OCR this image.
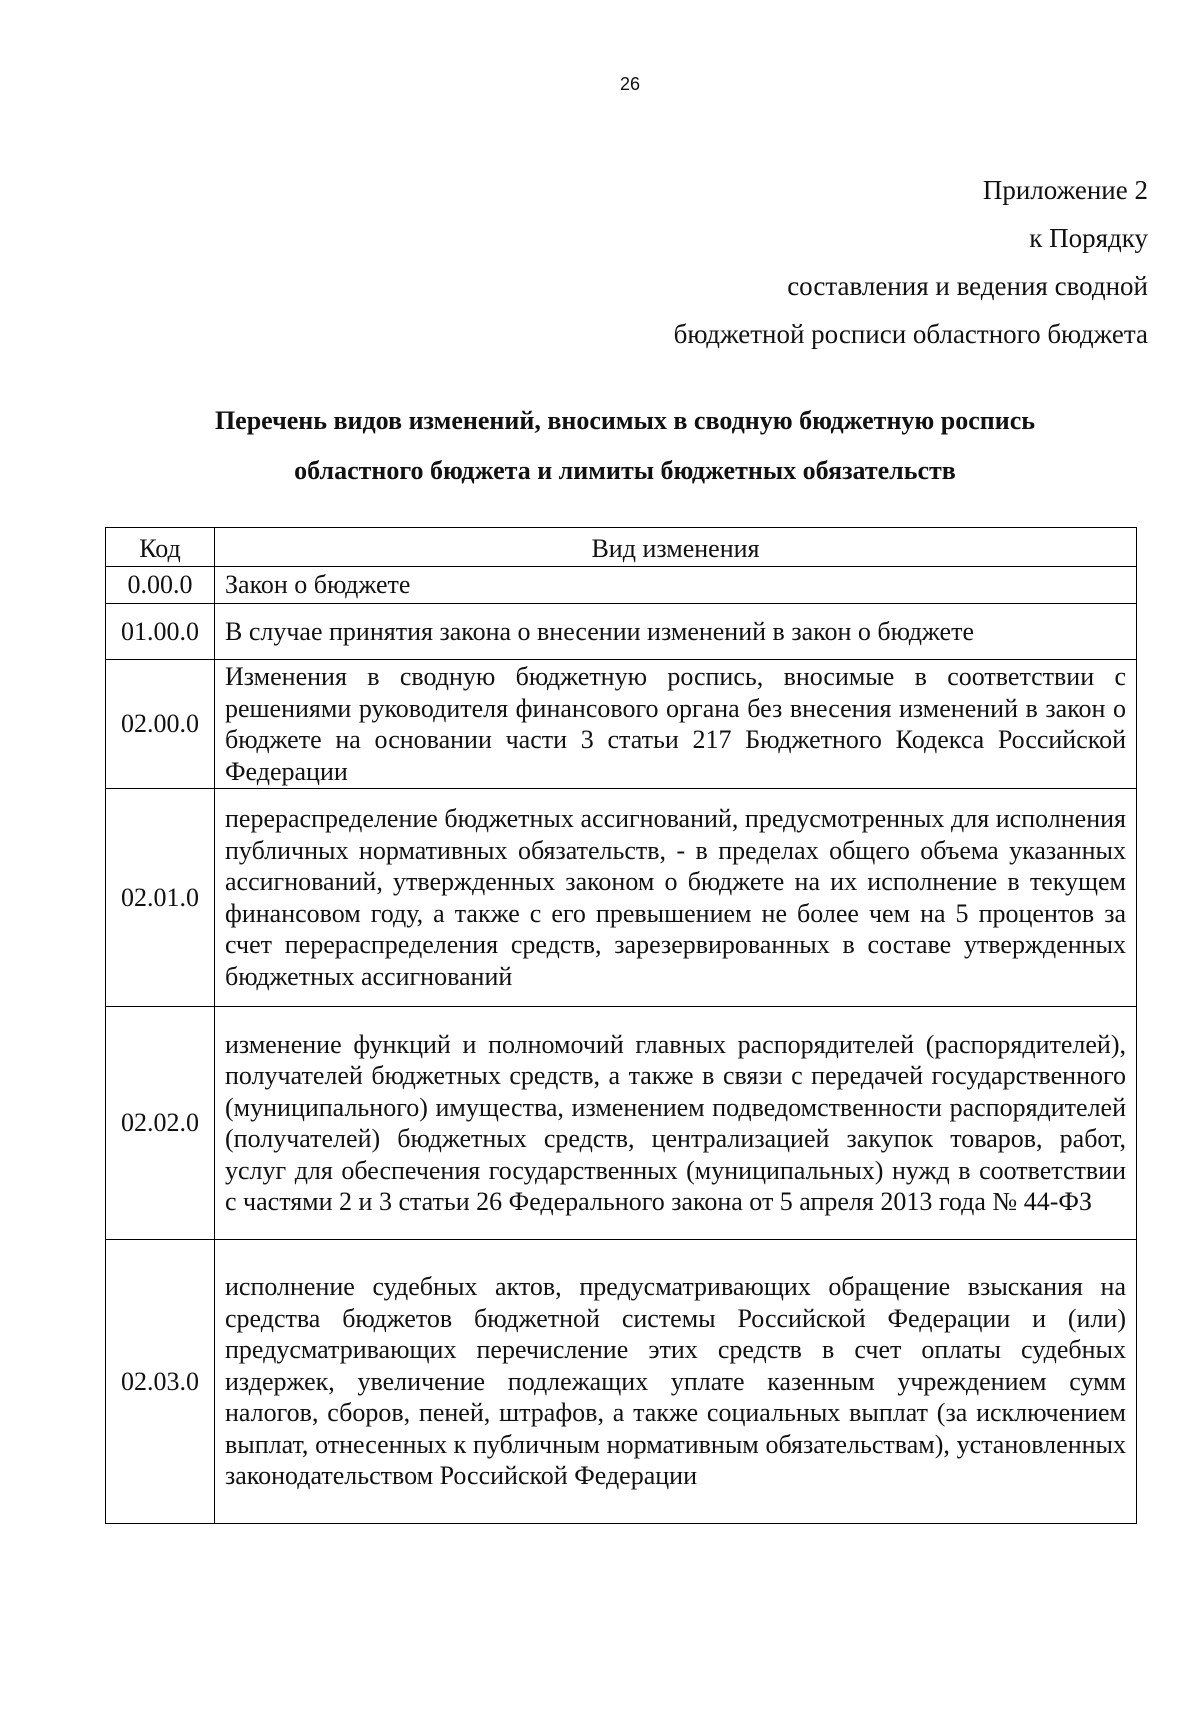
26
Приложение 2
к Порядку
составления и ведения сводной
бюджетной росписи областного бюджета
Перечень видов изменений, вносимых в сводную бюджетную роспись
областного бюджета и лимиты бюджетных обязательств
Код	Вид изменения
0.00.0	Закон о бюджете
01.00.0	В случае принятия закона о внесении изменений в закон о бюджете
02.00.0	Изменения в сводную бюджетную роспись, вносимые в соответствии с решениями руководителя финансового органа без внесения изменений в закон о бюджете на основании части 3 статьи 217 Бюджетного Кодекса Российской Федерации
02.01.0	перераспределение бюджетных ассигнований, предусмотренных для исполнения публичных нормативных обязательств, - в пределах общего объема указанных ассигнований, утвержденных законом о бюджете на их исполнение в текущем финансовом году, а также с его превышением не более чем на 5 процентов за счет перераспределения средств, зарезервированных в составе утвержденных бюджетных ассигнований
02.02.0	изменение функций и полномочий главных распорядителей (распорядителей), получателей бюджетных средств, а также в связи с передачей государственного (муниципального) имущества, изменением подведомственности распорядителей (получателей) бюджетных средств, централизацией закупок товаров, работ, услуг для обеспечения государственных (муниципальных) нужд в соответствии с частями 2 и 3 статьи 26 Федерального закона от 5 апреля 2013 года № 44-ФЗ
02.03.0	исполнение судебных актов, предусматривающих обращение взыскания на средства бюджетов бюджетной системы Российской Федерации и (или) предусматривающих перечисление этих средств в счет оплаты судебных издержек, увеличение подлежащих уплате казенным учреждением сумм налогов, сборов, пеней, штрафов, а также социальных выплат (за исключением выплат, отнесенных к публичным нормативным обязательствам), установленных законодательством Российской Федерации
